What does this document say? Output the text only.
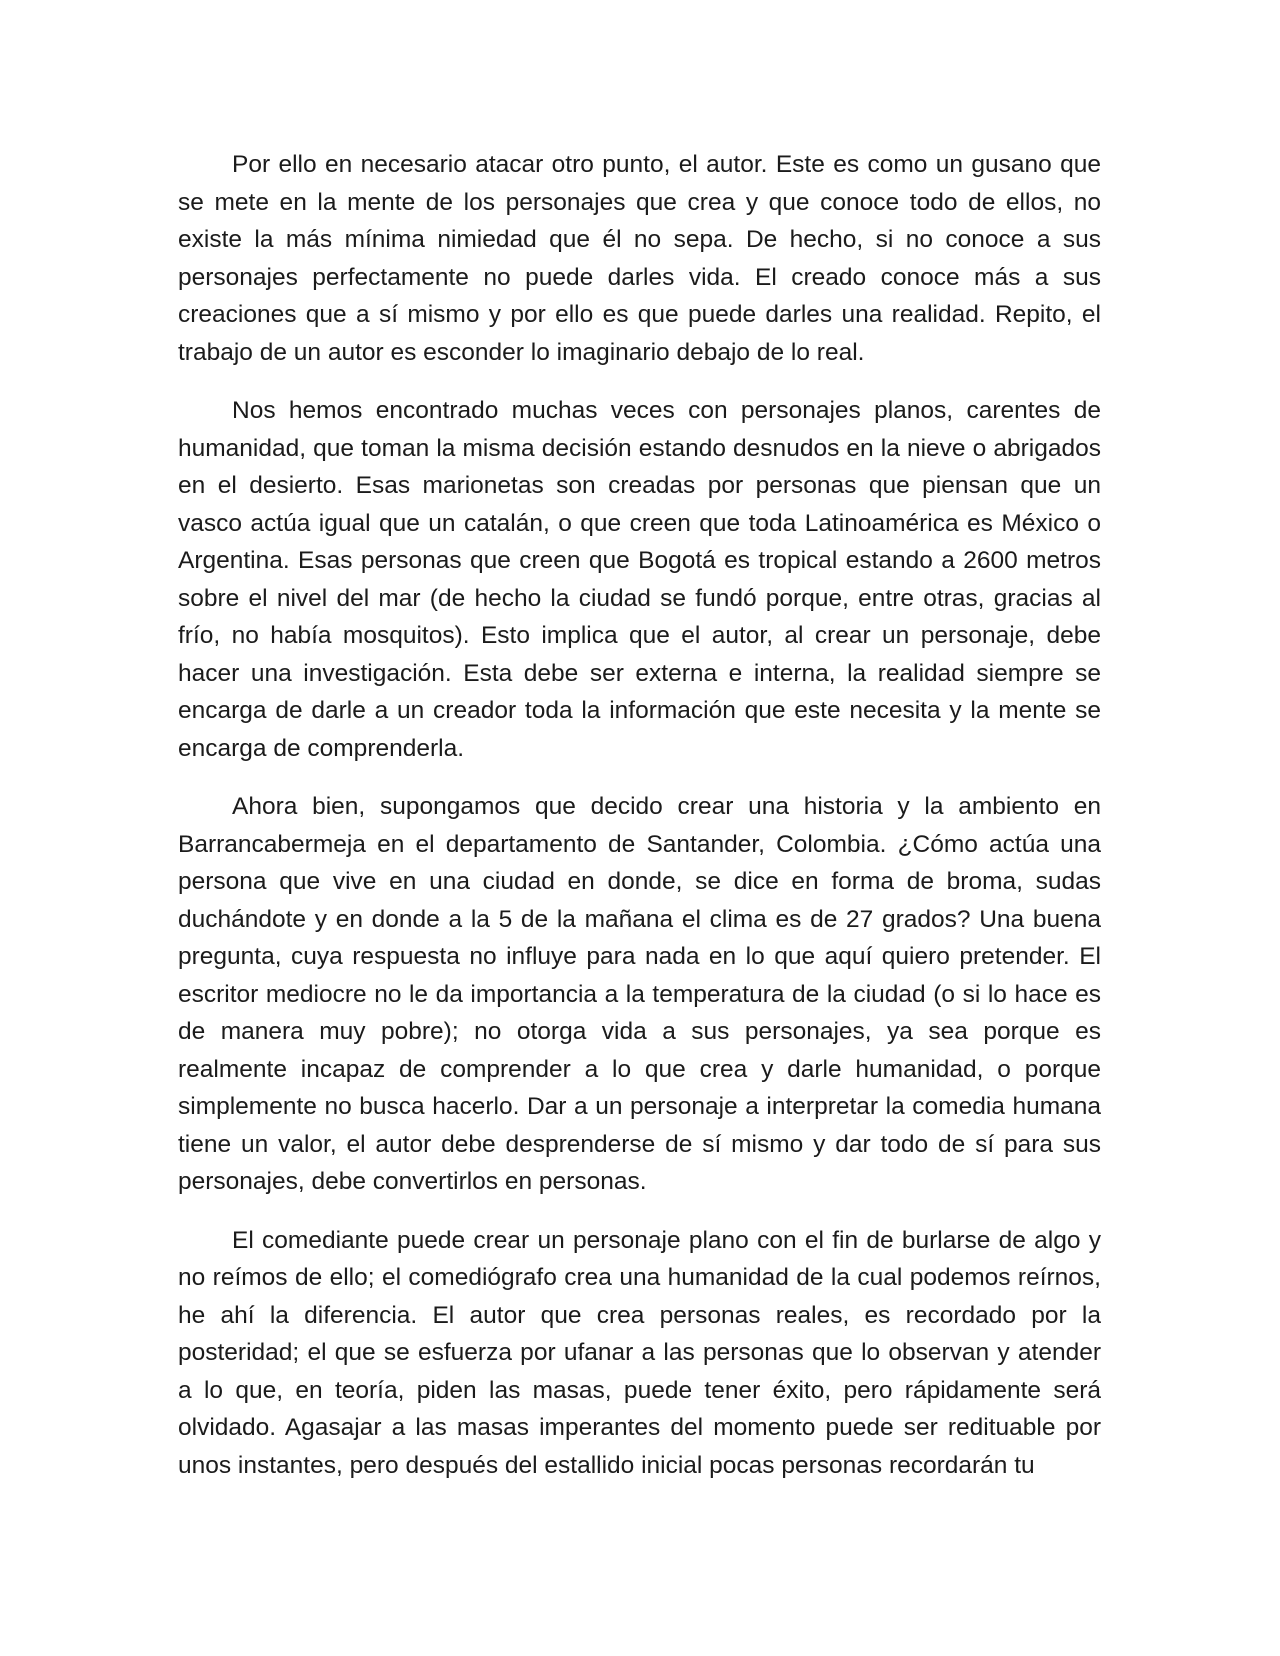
Por ello en necesario atacar otro punto, el autor. Este es como un gusano que se mete en la mente de los personajes que crea y que conoce todo de ellos, no existe la más mínima nimiedad que él no sepa. De hecho, si no conoce a sus personajes perfectamente no puede darles vida. El creado conoce más a sus creaciones que a sí mismo y por ello es que puede darles una realidad. Repito, el trabajo de un autor es esconder lo imaginario debajo de lo real.

Nos hemos encontrado muchas veces con personajes planos, carentes de humanidad, que toman la misma decisión estando desnudos en la nieve o abrigados en el desierto. Esas marionetas son creadas por personas que piensan que un vasco actúa igual que un catalán, o que creen que toda Latinoamérica es México o Argentina. Esas personas que creen que Bogotá es tropical estando a 2600 metros sobre el nivel del mar (de hecho la ciudad se fundó porque, entre otras, gracias al frío, no había mosquitos). Esto implica que el autor, al crear un personaje, debe hacer una investigación. Esta debe ser externa e interna, la realidad siempre se encarga de darle a un creador toda la información que este necesita y la mente se encarga de comprenderla.

Ahora bien, supongamos que decido crear una historia y la ambiento en Barrancabermeja en el departamento de Santander, Colombia. ¿Cómo actúa una persona que vive en una ciudad en donde, se dice en forma de broma, sudas duchándote y en donde a la 5 de la mañana el clima es de 27 grados? Una buena pregunta, cuya respuesta no influye para nada en lo que aquí quiero pretender. El escritor mediocre no le da importancia a la temperatura de la ciudad (o si lo hace es de manera muy pobre); no otorga vida a sus personajes, ya sea porque es realmente incapaz de comprender a lo que crea y darle humanidad, o porque simplemente no busca hacerlo. Dar a un personaje a interpretar la comedia humana tiene un valor, el autor debe desprenderse de sí mismo y dar todo de sí para sus personajes, debe convertirlos en personas.

El comediante puede crear un personaje plano con el fin de burlarse de algo y no reímos de ello; el comediógrafo crea una humanidad de la cual podemos reírnos, he ahí la diferencia. El autor que crea personas reales, es recordado por la posteridad; el que se esfuerza por ufanar a las personas que lo observan y atender a lo que, en teoría, piden las masas, puede tener éxito, pero rápidamente será olvidado. Agasajar a las masas imperantes del momento puede ser redituable por unos instantes, pero después del estallido inicial pocas personas recordarán tu
